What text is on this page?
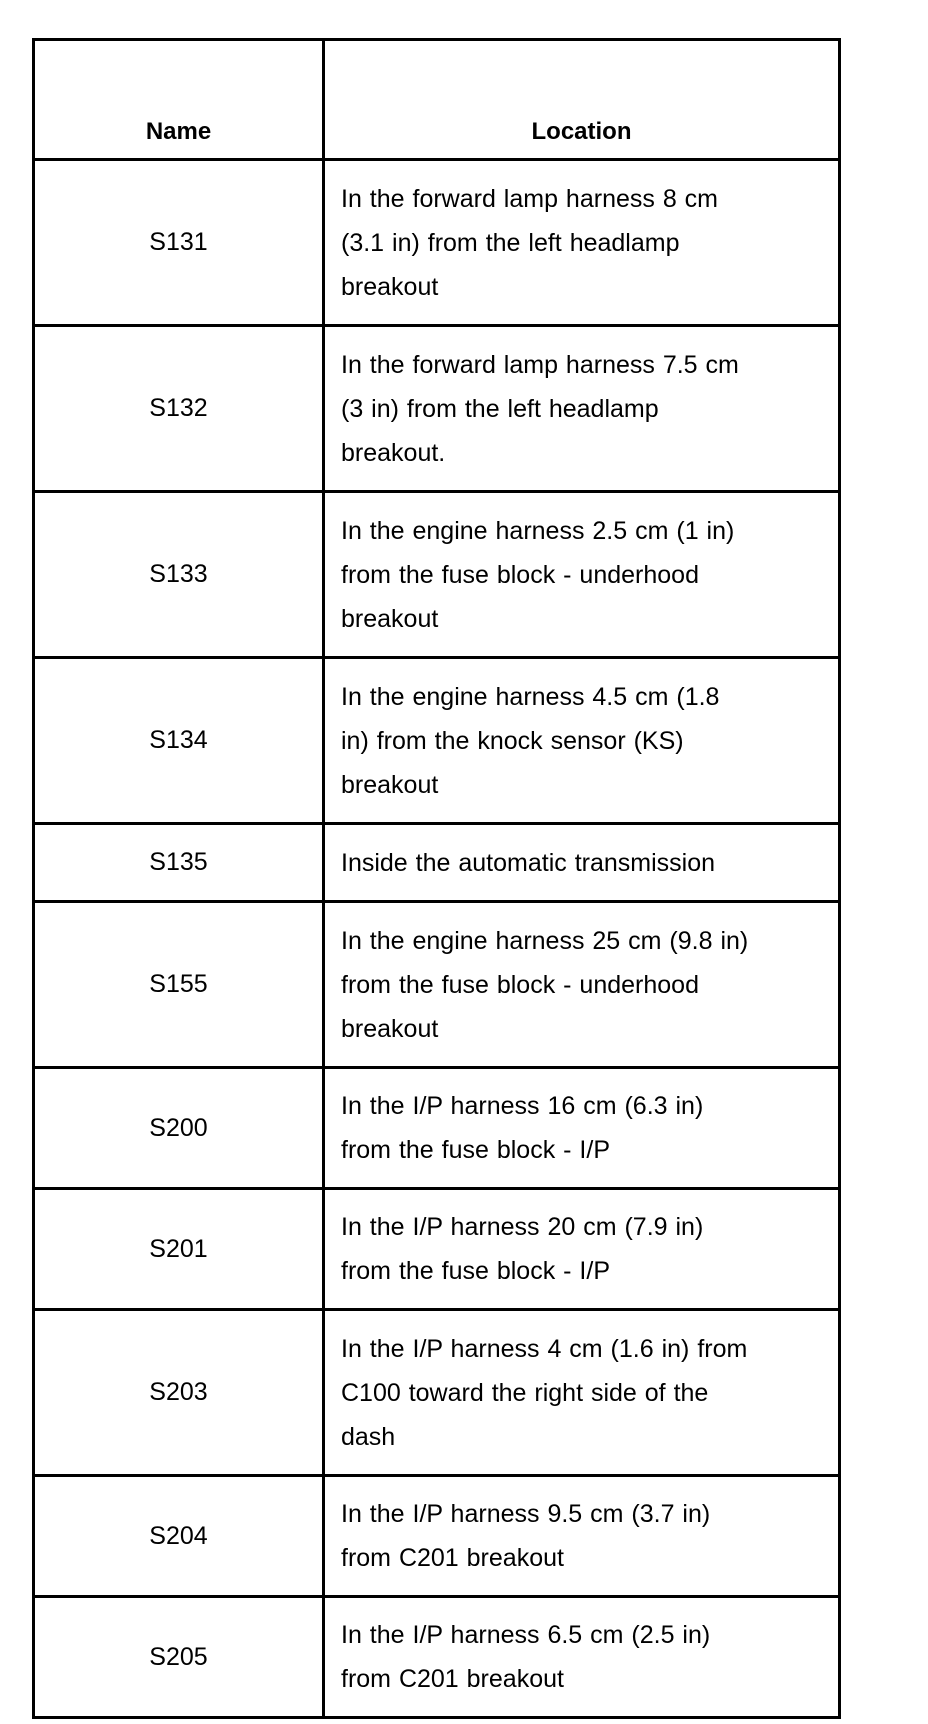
Name	Location
S131	In the forward lamp harness 8 cm
(3.1 in) from the left headlamp
breakout
S132	In the forward lamp harness 7.5 cm
(3 in) from the left headlamp
breakout.
S133	In the engine harness 2.5 cm (1 in)
from the fuse block - underhood
breakout
S134	In the engine harness 4.5 cm (1.8
in) from the knock sensor (KS)
breakout
S135	Inside the automatic transmission
S155	In the engine harness 25 cm (9.8 in)
from the fuse block - underhood
breakout
S200	In the I/P harness 16 cm (6.3 in)
from the fuse block - I/P
S201	In the I/P harness 20 cm (7.9 in)
from the fuse block - I/P
S203	In the I/P harness 4 cm (1.6 in) from
C100 toward the right side of the
dash
S204	In the I/P harness 9.5 cm (3.7 in)
from C201 breakout
S205	In the I/P harness 6.5 cm (2.5 in)
from C201 breakout
